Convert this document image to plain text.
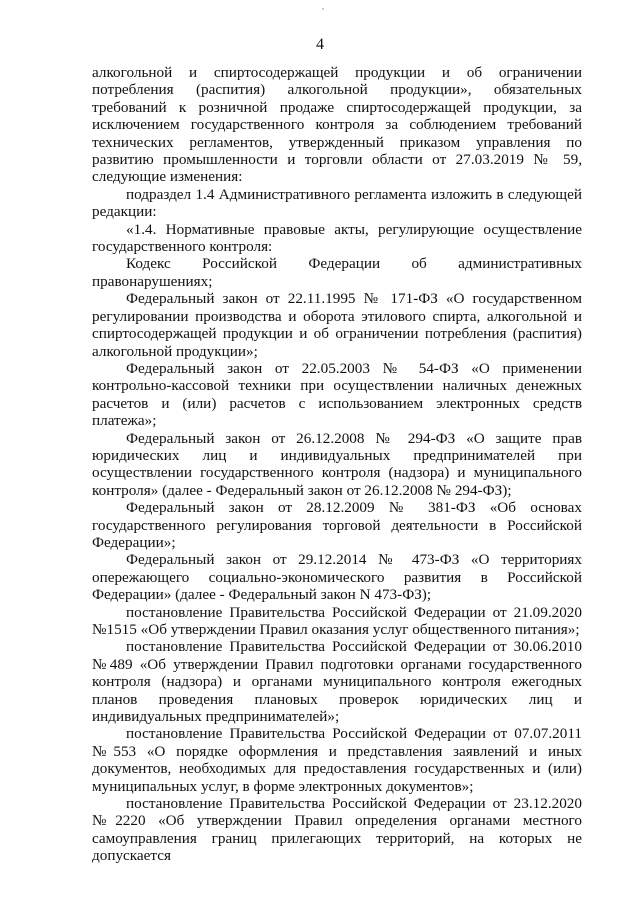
4

алкогольной и спиртосодержащей продукции и об ограничении потребления (распития) алкогольной продукции», обязательных требований к розничной продаже спиртосодержащей продукции, за исключением государственного контроля за соблюдением требований технических регламентов, утвержденный приказом управления по развитию промышленности и торговли области от 27.03.2019 № 59, следующие изменения:

подраздел 1.4 Административного регламента изложить в следующей редакции:

«1.4. Нормативные правовые акты, регулирующие осуществление государственного контроля:

Кодекс Российской Федерации об административных правонарушениях;

Федеральный закон от 22.11.1995 № 171-ФЗ «О государственном регулировании производства и оборота этилового спирта, алкогольной и спиртосодержащей продукции и об ограничении потребления (распития) алкогольной продукции»;

Федеральный закон от 22.05.2003 № 54-ФЗ «О применении контрольно-кассовой техники при осуществлении наличных денежных расчетов и (или) расчетов с использованием электронных средств платежа»;

Федеральный закон от 26.12.2008 № 294-ФЗ «О защите прав юридических лиц и индивидуальных предпринимателей при осуществлении государственного контроля (надзора) и муниципального контроля» (далее - Федеральный закон от 26.12.2008 № 294-ФЗ);

Федеральный закон от 28.12.2009 № 381-ФЗ «Об основах государственного регулирования торговой деятельности в Российской Федерации»;

Федеральный закон от 29.12.2014 № 473-ФЗ «О территориях опережающего социально-экономического развития в Российской Федерации» (далее - Федеральный закон N 473-ФЗ);

постановление Правительства Российской Федерации от 21.09.2020 №1515 «Об утверждении Правил оказания услуг общественного питания»;

постановление Правительства Российской Федерации от 30.06.2010 №489 «Об утверждении Правил подготовки органами государственного контроля (надзора) и органами муниципального контроля ежегодных планов проведения плановых проверок юридических лиц и индивидуальных предпринимателей»;

постановление Правительства Российской Федерации от 07.07.2011 №553 «О порядке оформления и представления заявлений и иных документов, необходимых для предоставления государственных и (или) муниципальных услуг, в форме электронных документов»;

постановление Правительства Российской Федерации от 23.12.2020 №2220 «Об утверждении Правил определения органами местного самоуправления границ прилегающих территорий, на которых не допускается
